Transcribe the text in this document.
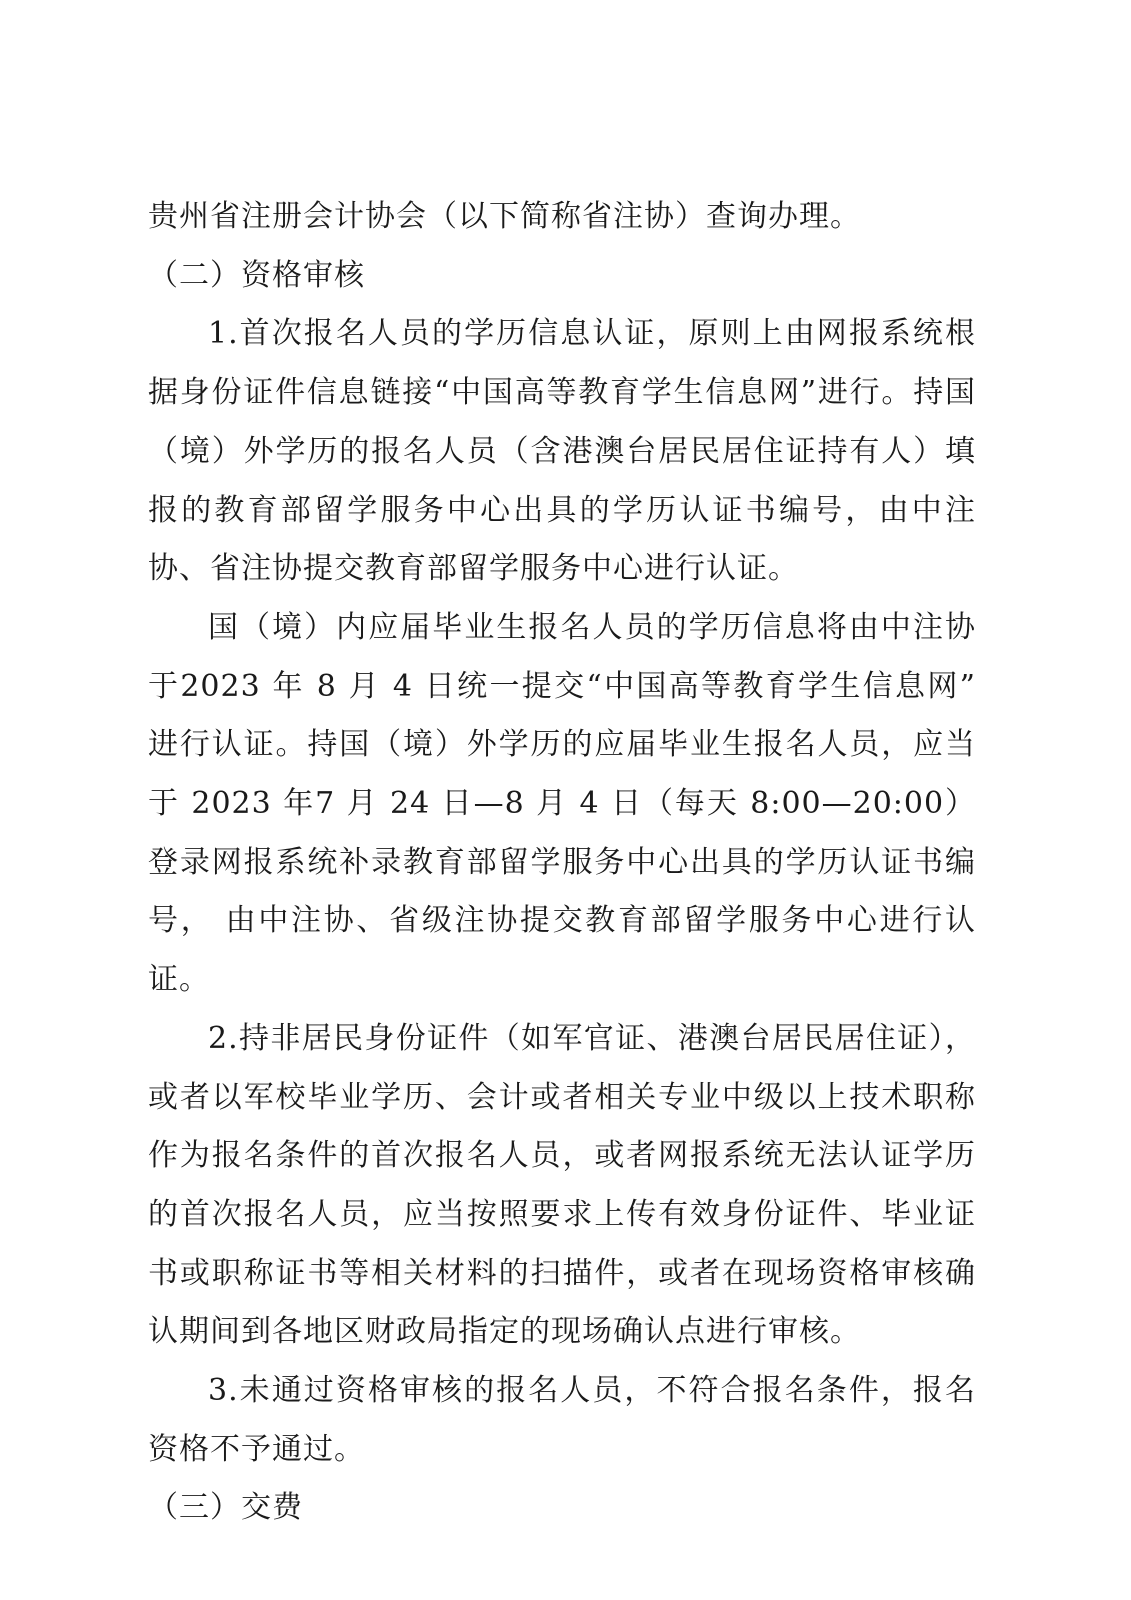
贵州省注册会计协会（以下简称省注协）查询办理。

（二）资格审核

1.首次报名人员的学历信息认证，原则上由网报系统根据身份证件信息链接“中国高等教育学生信息网”进行。持国（境）外学历的报名人员（含港澳台居民居住证持有人）填报的教育部留学服务中心出具的学历认证书编号，由中注协、省注协提交教育部留学服务中心进行认证。

国（境）内应届毕业生报名人员的学历信息将由中注协于2023 年 8 月 4 日统一提交“中国高等教育学生信息网” 进行认证。持国（境）外学历的应届毕业生报名人员，应当于 2023 年7 月 24 日—8 月 4 日（每天 8:00—20:00）登录网报系统补录教育部留学服务中心出具的学历认证书编号， 由中注协、省级注协提交教育部留学服务中心进行认证。

2.持非居民身份证件（如军官证、港澳台居民居住证），或者以军校毕业学历、会计或者相关专业中级以上技术职称作为报名条件的首次报名人员，或者网报系统无法认证学历的首次报名人员，应当按照要求上传有效身份证件、毕业证书或职称证书等相关材料的扫描件，或者在现场资格审核确认期间到各地区财政局指定的现场确认点进行审核。

3.未通过资格审核的报名人员，不符合报名条件，报名资格不予通过。

（三）交费
